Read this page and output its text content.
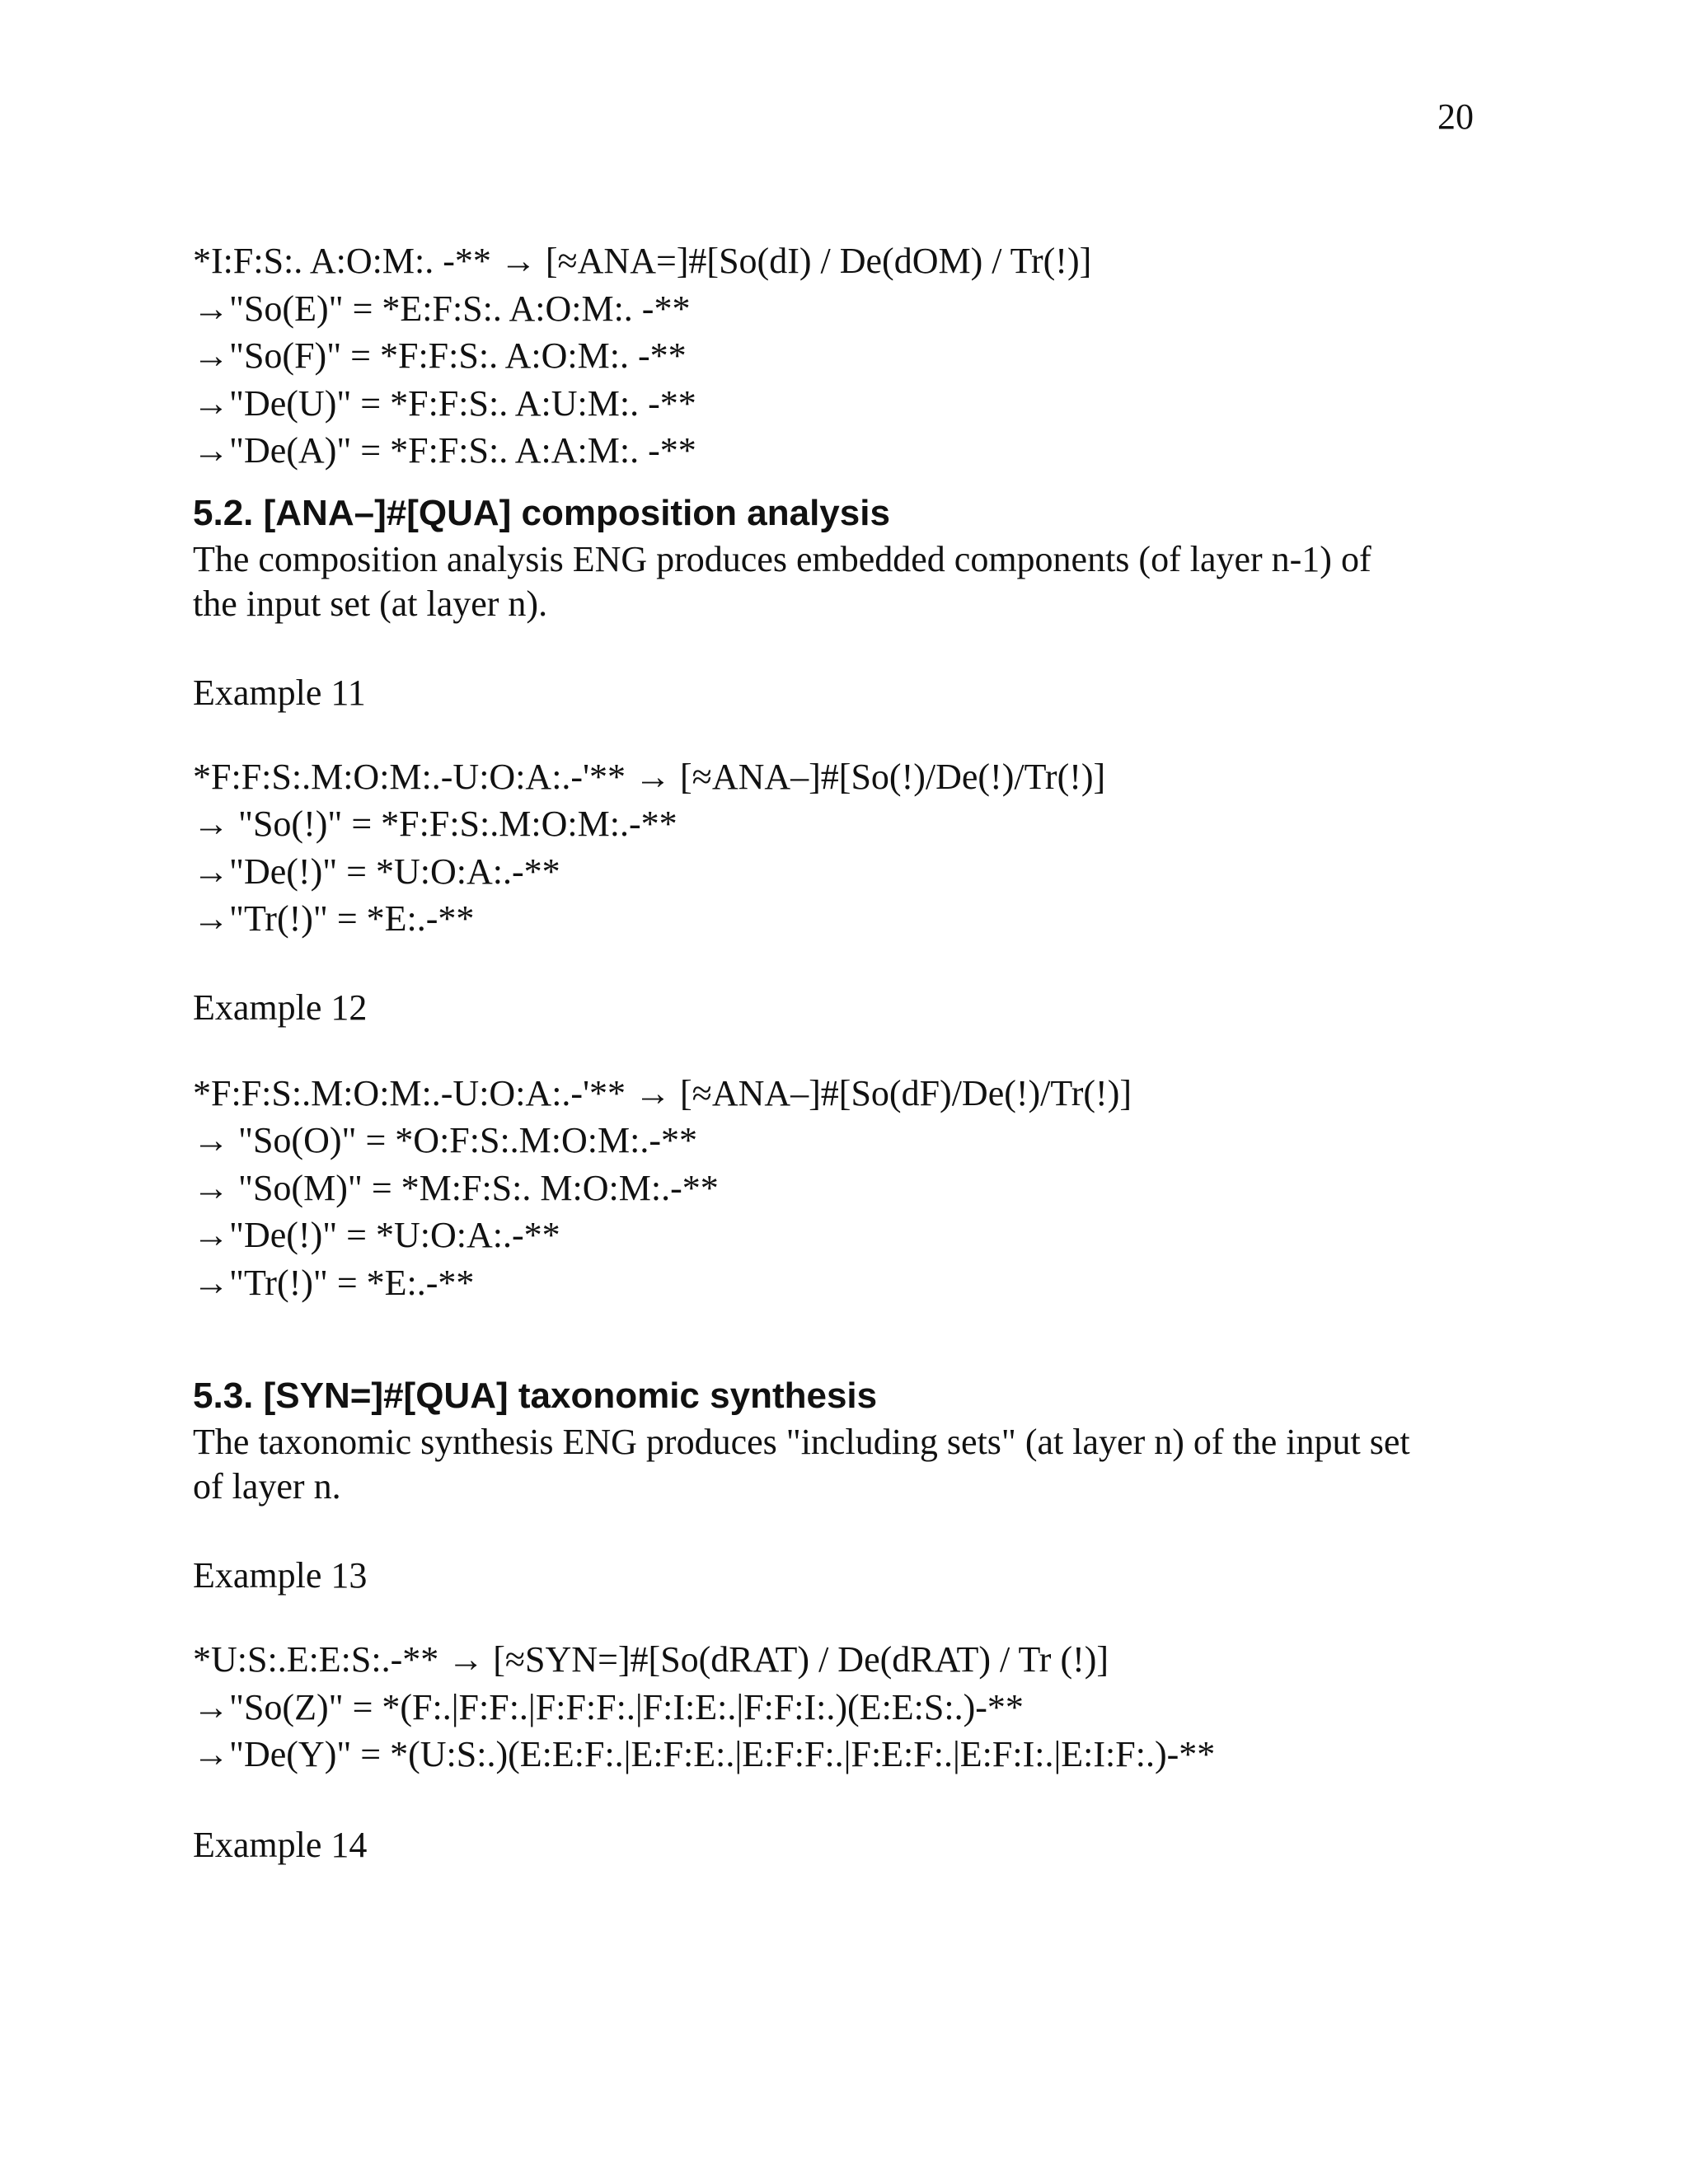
20
*I:F:S:. A:O:M:. -** → [≈ANA=]#[So(dI) / De(dOM) / Tr(!)]
→"So(E)" = *E:F:S:. A:O:M:. -**
→"So(F)" = *F:F:S:. A:O:M:. -**
→"De(U)" = *F:F:S:. A:U:M:. -**
→"De(A)" = *F:F:S:. A:A:M:. -**
5.2. [ANA–]#[QUA] composition analysis
The composition analysis ENG produces embedded components (of layer n-1) of
the input set (at layer n).
Example 11
*F:F:S:.M:O:M:.-U:O:A:.-'** → [≈ANA–]#[So(!)/De(!)/Tr(!)]
→ "So(!)" = *F:F:S:.M:O:M:.-**
→"De(!)" = *U:O:A:.-**
→"Tr(!)" = *E:.-**
Example 12
*F:F:S:.M:O:M:.-U:O:A:.-'** → [≈ANA–]#[So(dF)/De(!)/Tr(!)]
→ "So(O)" = *O:F:S:.M:O:M:.-**
→ "So(M)" = *M:F:S:. M:O:M:.-**
→"De(!)" = *U:O:A:.-**
→"Tr(!)" = *E:.-**
5.3. [SYN=]#[QUA] taxonomic synthesis
The taxonomic synthesis ENG produces "including sets" (at layer n) of the input set
of layer n.
Example 13
*U:S:.E:E:S:.-** → [≈SYN=]#[So(dRAT) / De(dRAT) / Tr (!)]
→"So(Z)" = *(F:.|F:F:.|F:F:F:.|F:I:E:.|F:F:I:.)(E:E:S:.)-**
→"De(Y)" = *(U:S:.)(E:E:F:.|E:F:E:.|E:F:F:.|F:E:F:.|E:F:I:.|E:I:F:.)-**
Example 14
